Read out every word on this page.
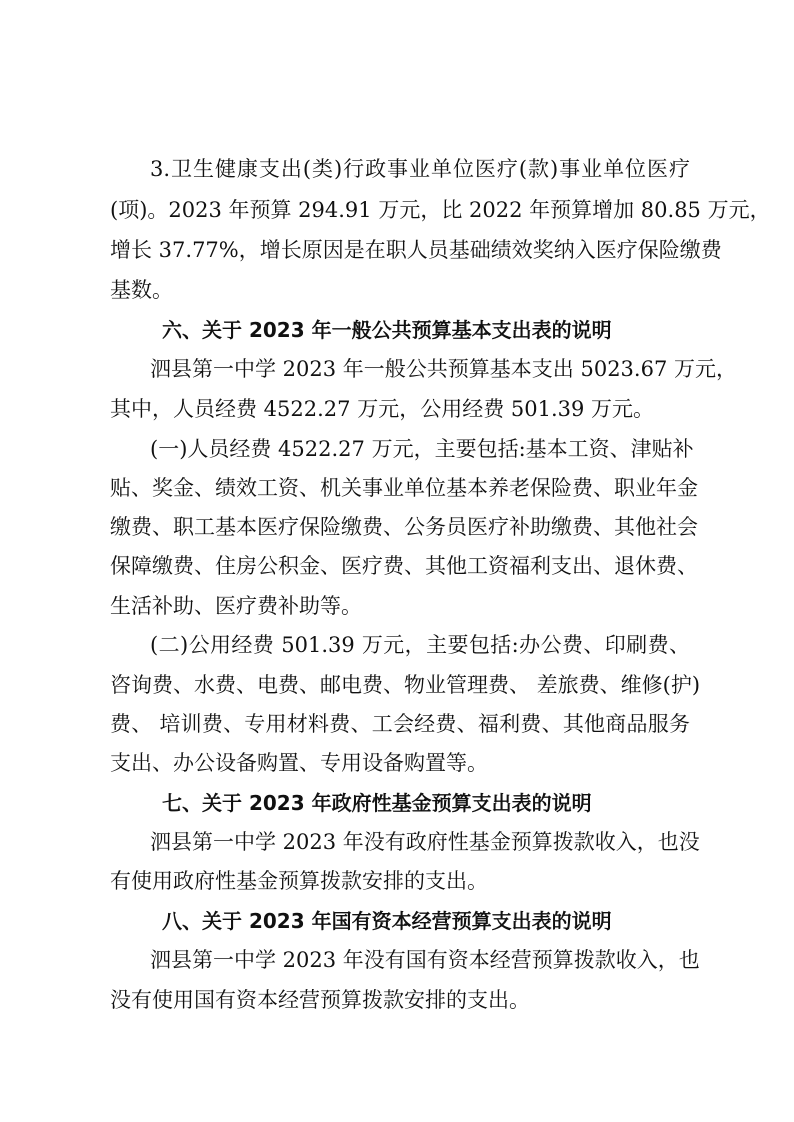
3.卫生健康支出(类)行政事业单位医疗(款)事业单位医疗
(项)。2023 年预算 294.91 万元，比 2022 年预算增加 80.85 万元，
增长 37.77%，增长原因是在职人员基础绩效奖纳入医疗保险缴费
基数。
六、关于 2023 年一般公共预算基本支出表的说明
泗县第一中学 2023 年一般公共预算基本支出 5023.67 万元，
其中，人员经费 4522.27 万元，公用经费 501.39 万元。
(一)人员经费 4522.27 万元，主要包括:基本工资、津贴补
贴、奖金、绩效工资、机关事业单位基本养老保险费、职业年金
缴费、职工基本医疗保险缴费、公务员医疗补助缴费、其他社会
保障缴费、住房公积金、医疗费、其他工资福利支出、退休费、
生活补助、医疗费补助等。
(二)公用经费 501.39 万元，主要包括:办公费、印刷费、
咨询费、水费、电费、邮电费、物业管理费、 差旅费、维修(护)
费、 培训费、专用材料费、工会经费、福利费、其他商品服务
支出、办公设备购置、专用设备购置等。
七、关于 2023 年政府性基金预算支出表的说明
泗县第一中学 2023 年没有政府性基金预算拨款收入，也没
有使用政府性基金预算拨款安排的支出。
八、关于 2023 年国有资本经营预算支出表的说明
泗县第一中学 2023 年没有国有资本经营预算拨款收入，也
没有使用国有资本经营预算拨款安排的支出。
